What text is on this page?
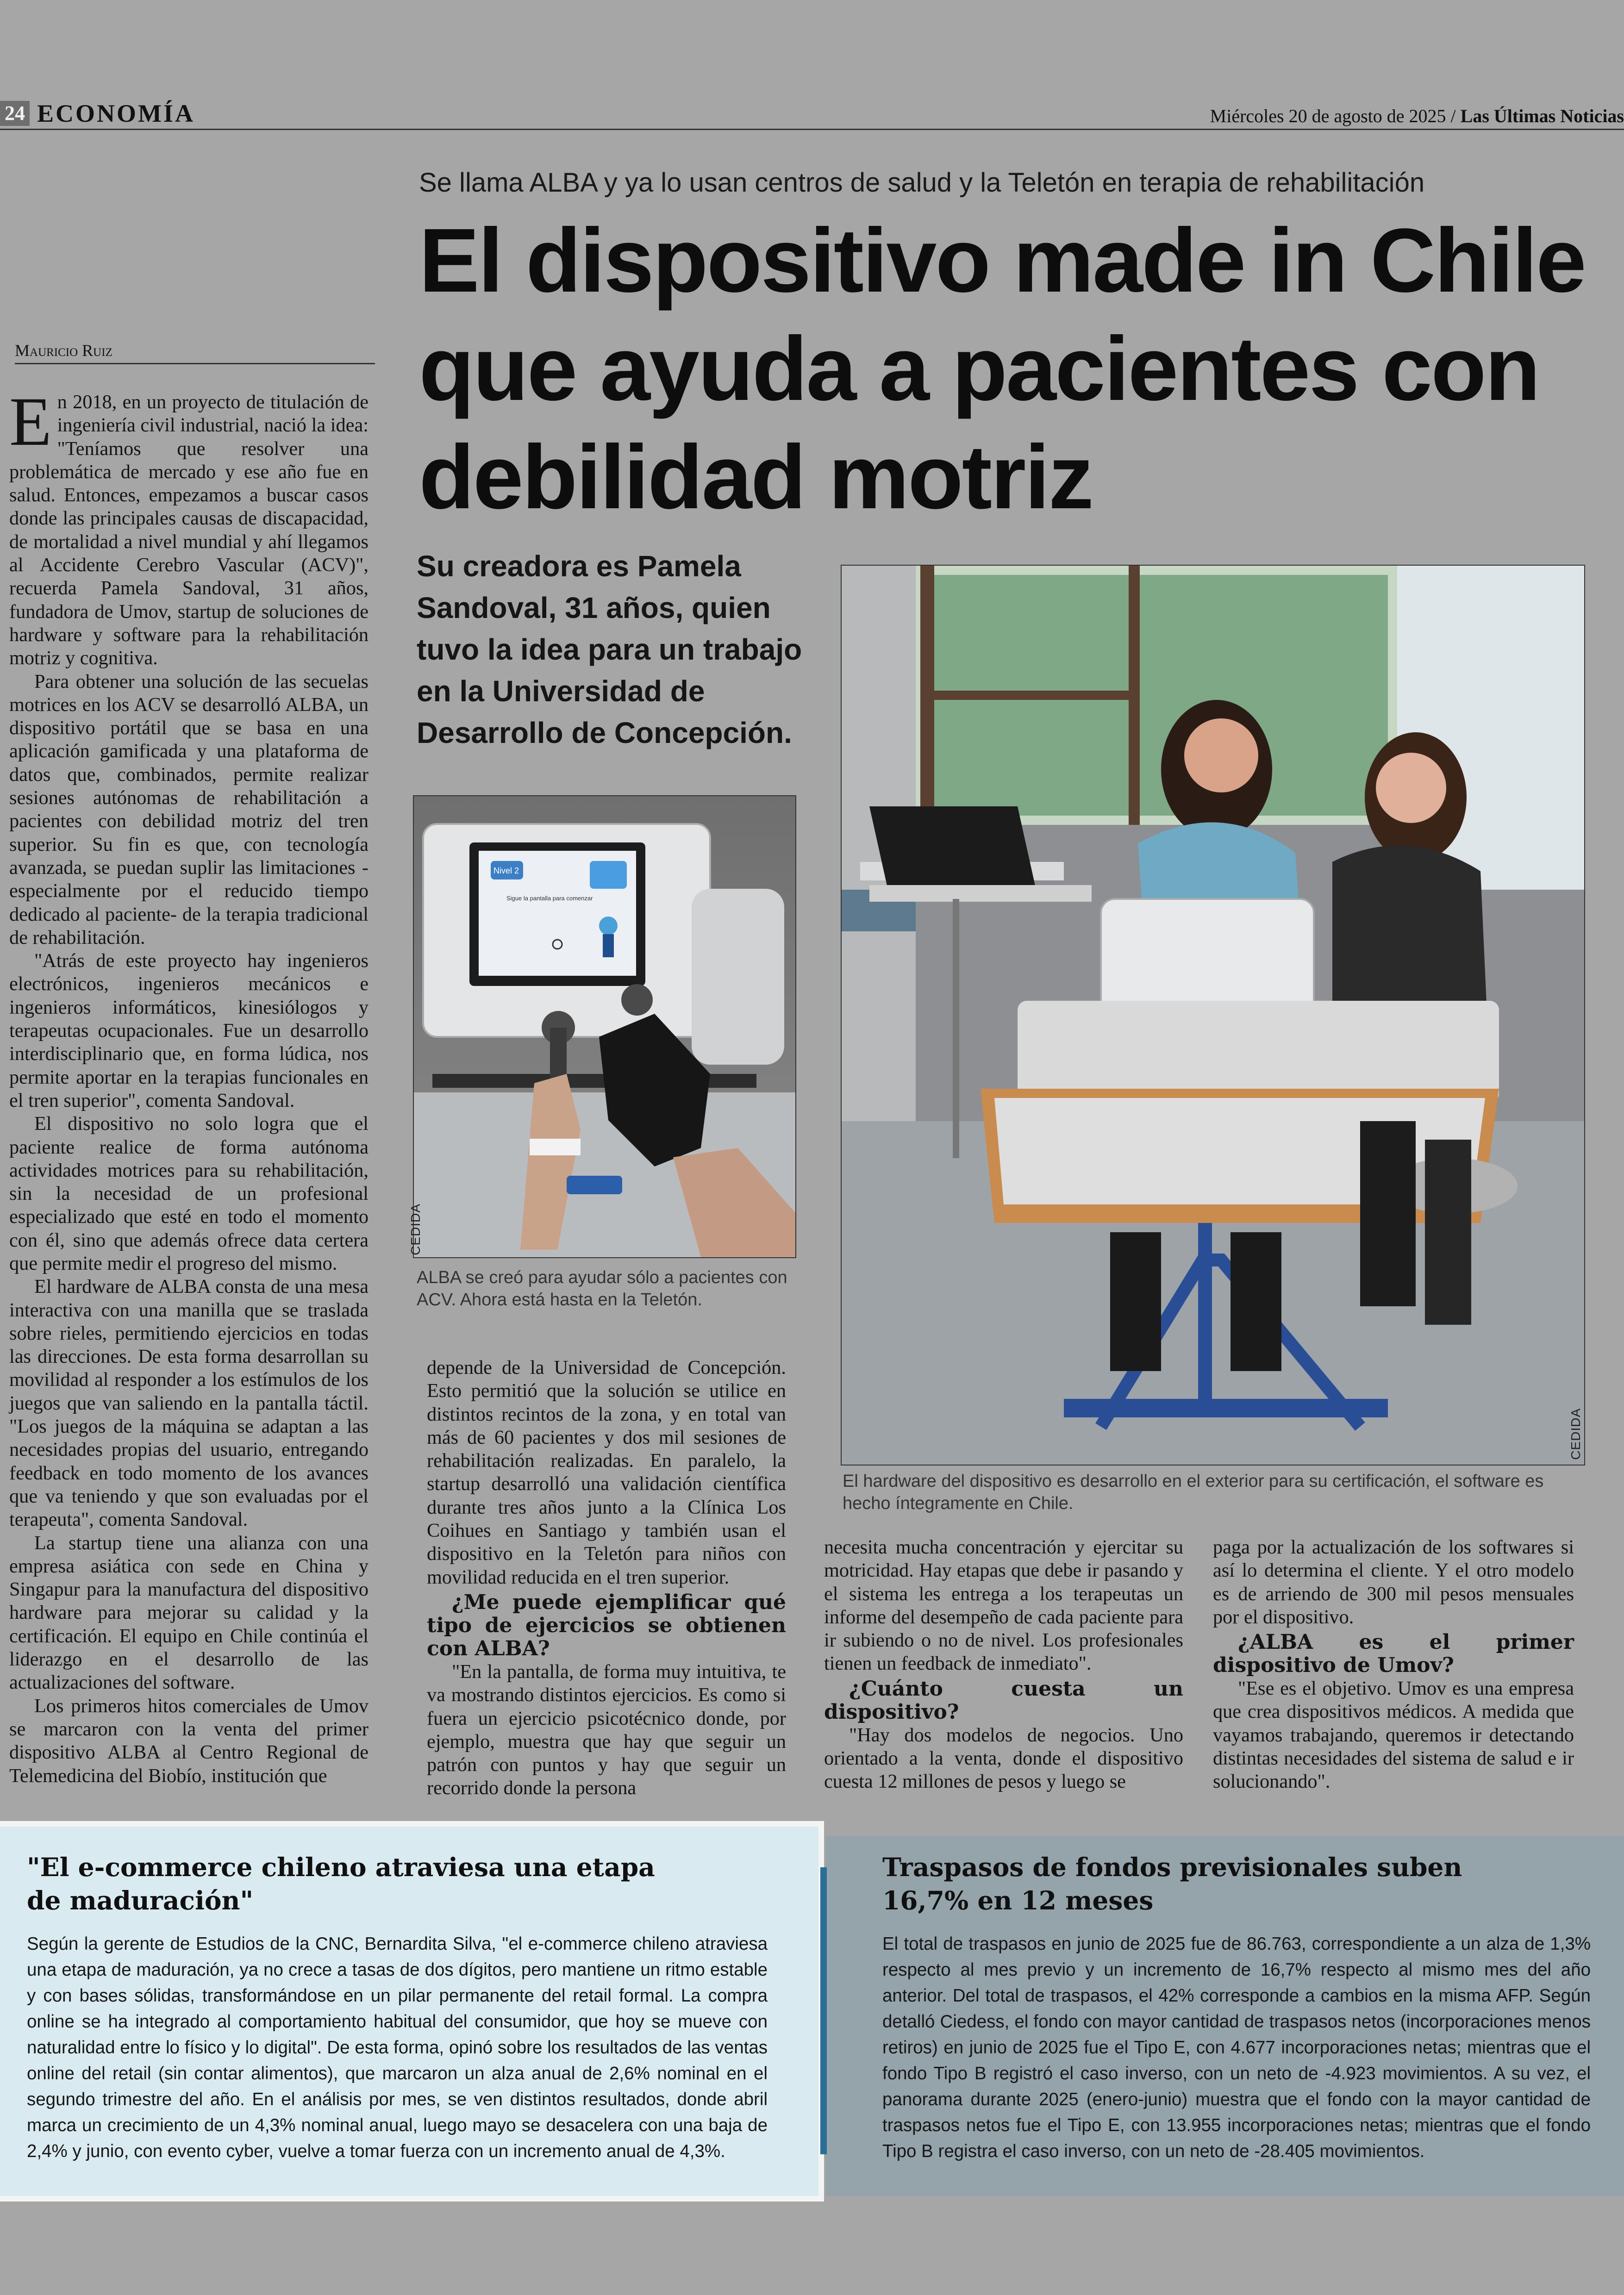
24 ECONOMÍA	Miércoles 20 de agosto de 2025 / Las Últimas Noticias
Se llama ALBA y ya lo usan centros de salud y la Teletón en terapia de rehabilitación
El dispositivo made in Chile que ayuda a pacientes con debilidad motriz
Su creadora es Pamela Sandoval, 31 años, quien tuvo la idea para un trabajo en la Universidad de Desarrollo de Concepción.
Mauricio Ruiz

En 2018, en un proyecto de titulación de ingeniería civil industrial, nació la idea: "Teníamos que resolver una problemática de mercado y ese año fue en salud. Entonces, empezamos a buscar casos donde las principales causas de discapacidad, de mortalidad a nivel mundial y ahí llegamos al Accidente Cerebro Vascular (ACV)", recuerda Pamela Sandoval, 31 años, fundadora de Umov, startup de soluciones de hardware y software para la rehabilitación motriz y cognitiva.

Para obtener una solución de las secuelas motrices en los ACV se desarrolló ALBA, un dispositivo portátil que se basa en una aplicación gamificada y una plataforma de datos que, combinados, permite realizar sesiones autónomas de rehabilitación a pacientes con debilidad motriz del tren superior. Su fin es que, con tecnología avanzada, se puedan suplir las limitaciones -especialmente por el reducido tiempo dedicado al paciente- de la terapia tradicional de rehabilitación.

"Atrás de este proyecto hay ingenieros electrónicos, ingenieros mecánicos e ingenieros informáticos, kinesiólogos y terapeutas ocupacionales. Fue un desarrollo interdisciplinario que, en forma lúdica, nos permite aportar en la terapias funcionales en el tren superior", comenta Sandoval.

El dispositivo no solo logra que el paciente realice de forma autónoma actividades motrices para su rehabilitación, sin la necesidad de un profesional especializado que esté en todo el momento con él, sino que además ofrece data certera que permite medir el progreso del mismo.

El hardware de ALBA consta de una mesa interactiva con una manilla que se traslada sobre rieles, permitiendo ejercicios en todas las direcciones. De esta forma desarrollan su movilidad al responder a los estímulos de los juegos que van saliendo en la pantalla táctil. "Los juegos de la máquina se adaptan a las necesidades propias del usuario, entregando feedback en todo momento de los avances que va teniendo y que son evaluadas por el terapeuta", comenta Sandoval.

La startup tiene una alianza con una empresa asiática con sede en China y Singapur para la manufactura del dispositivo hardware para mejorar su calidad y la certificación. El equipo en Chile continúa el liderazgo en el desarrollo de las actualizaciones del software.

Los primeros hitos comerciales de Umov se marcaron con la venta del primer dispositivo ALBA al Centro Regional de Telemedicina del Biobío, institución que

depende de la Universidad de Concepción. Esto permitió que la solución se utilice en distintos recintos de la zona, y en total van más de 60 pacientes y dos mil sesiones de rehabilitación realizadas. En paralelo, la startup desarrolló una validación científica durante tres años junto a la Clínica Los Coihues en Santiago y también usan el dispositivo en la Teletón para niños con movilidad reducida en el tren superior.

¿Me puede ejemplificar qué tipo de ejercicios se obtienen con ALBA?

"En la pantalla, de forma muy intuitiva, te va mostrando distintos ejercicios. Es como si fuera un ejercicio psicotécnico donde, por ejemplo, muestra que hay que seguir un patrón con puntos y hay que seguir un recorrido donde la persona

necesita mucha concentración y ejercitar su motricidad. Hay etapas que debe ir pasando y el sistema les entrega a los terapeutas un informe del desempeño de cada paciente para ir subiendo o no de nivel. Los profesionales tienen un feedback de inmediato".

¿Cuánto cuesta un dispositivo?

"Hay dos modelos de negocios. Uno orientado a la venta, donde el dispositivo cuesta 12 millones de pesos y luego se

paga por la actualización de los softwares si así lo determina el cliente. Y el otro modelo es de arriendo de 300 mil pesos mensuales por el dispositivo.

¿ALBA es el primer dispositivo de Umov?

"Ese es el objetivo. Umov es una empresa que crea dispositivos médicos. A medida que vayamos trabajando, queremos ir detectando distintas necesidades del sistema de salud e ir solucionando".

Nivel 2
Sigue la pantalla para comenzar
CEDIDA
ALBA se creó para ayudar sólo a pacientes con ACV. Ahora está hasta en la Teletón.
CEDIDA
El hardware del dispositivo es desarrollo en el exterior para su certificación, el software es hecho íntegramente en Chile.
"El e-commerce chileno atraviesa una etapa de maduración"
Según la gerente de Estudios de la CNC, Bernardita Silva, "el e-commerce chileno atraviesa una etapa de maduración, ya no crece a tasas de dos dígitos, pero mantiene un ritmo estable y con bases sólidas, transformándose en un pilar permanente del retail formal. La compra online se ha integrado al comportamiento habitual del consumidor, que hoy se mueve con naturalidad entre lo físico y lo digital". De esta forma, opinó sobre los resultados de las ventas online del retail (sin contar alimentos), que marcaron un alza anual de 2,6% nominal en el segundo trimestre del año. En el análisis por mes, se ven distintos resultados, donde abril marca un crecimiento de un 4,3% nominal anual, luego mayo se desacelera con una baja de 2,4% y junio, con evento cyber, vuelve a tomar fuerza con un incremento anual de 4,3%.
Traspasos de fondos previsionales suben 16,7% en 12 meses
El total de traspasos en junio de 2025 fue de 86.763, correspondiente a un alza de 1,3% respecto al mes previo y un incremento de 16,7% respecto al mismo mes del año anterior. Del total de traspasos, el 42% corresponde a cambios en la misma AFP. Según detalló Ciedess, el fondo con mayor cantidad de traspasos netos (incorporaciones menos retiros) en junio de 2025 fue el Tipo E, con 4.677 incorporaciones netas; mientras que el fondo Tipo B registró el caso inverso, con un neto de -4.923 movimientos. A su vez, el panorama durante 2025 (enero-junio) muestra que el fondo con la mayor cantidad de traspasos netos fue el Tipo E, con 13.955 incorporaciones netas; mientras que el fondo Tipo B registra el caso inverso, con un neto de -28.405 movimientos.
